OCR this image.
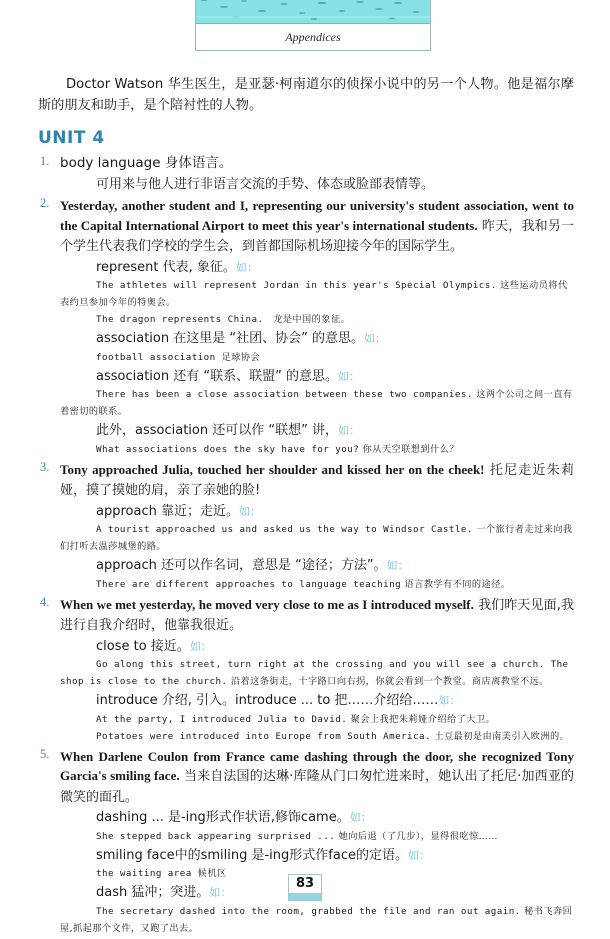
Appendices

Doctor Watson 华生医生，是亚瑟·柯南道尔的侦探小说中的另一个人物。他是福尔摩斯的朋友和助手，是个陪衬性的人物。

UNIT 4
1. body language 身体语言。

可用来与他人进行非语言交流的手势、体态或脸部表情等。

2. Yesterday, another student and I, representing our university's student association, went to the Capital International Airport to meet this year's international students. 昨天，我和另一个学生代表我们学校的学生会，到首都国际机场迎接今年的国际学生。

represent 代表, 象征。如：

The athletes will represent Jordan in this year's Special Olympics. 这些运动员将代表约旦参加今年的特奥会。

The dragon represents China.　龙是中国的象征。

association 在这里是 “社团、协会” 的意思。如：

football association 足球协会

association 还有 “联系、联盟” 的意思。如：

There has been a close association between these two companies. 这两个公司之间一直有着密切的联系。

此外，association 还可以作 “联想” 讲，如：

What associations does the sky have for you? 你从天空联想到什么？

3. Tony approached Julia, touched her shoulder and kissed her on the cheek! 托尼走近朱莉娅，摸了摸她的肩，亲了亲她的脸!

approach 靠近；走近。如：

A tourist approached us and asked us the way to Windsor Castle. 一个旅行者走过来向我们打听去温莎城堡的路。

approach 还可以作名词，意思是 “途径；方法”。如：

There are different approaches to language teaching 语言教学有不同的途径。

4. When we met yesterday, he moved very close to me as I introduced myself. 我们昨天见面,我进行自我介绍时，他靠我很近。

close to 接近。如：

Go along this street, turn right at the crossing and you will see a church. The shop is close to the church. 沿着这条街走，十字路口向右拐，你就会看到一个教堂。商店离教堂不远。

introduce 介绍, 引入。introduce ... to 把……介绍给……如：

At the party, I introduced Julia to David. 聚会上我把朱莉娅介绍给了大卫。

Potatoes were introduced into Europe from South America. 土豆最初是由南美引入欧洲的。

5. When Darlene Coulon from France came dashing through the door, she recognized Tony Garcia's smiling face. 当来自法国的达琳·库隆从门口匆忙进来时，她认出了托尼·加西亚的微笑的面孔。

dashing ... 是-ing形式作状语,修饰came。如：

She stepped back appearing surprised ... 她向后退（了几步），显得很吃惊……

smiling face中的smiling 是-ing形式作face的定语。如：

the waiting area 候机区

dash 猛冲；突进。如：

The secretary dashed into the room, grabbed the file and ran out again. 秘书飞奔回屋,抓起那个文件，又跑了出去。

83
